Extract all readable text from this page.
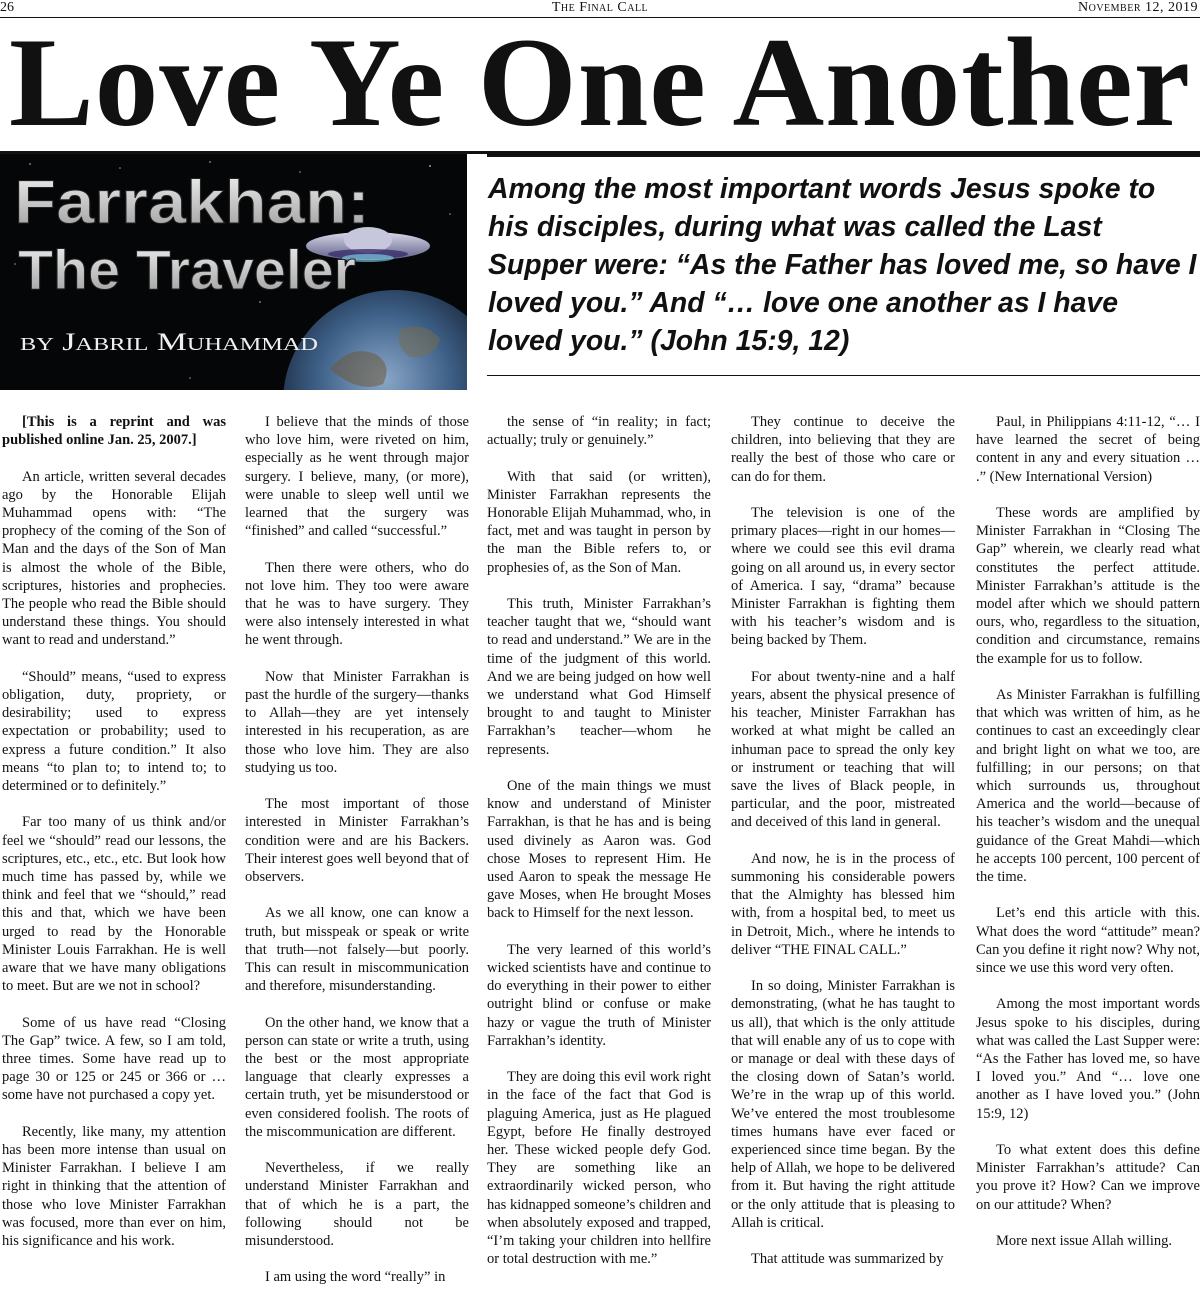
26	The Final Call	November 12, 2019
Love Ye One Another
Farrakhan:
The Traveler
by Jabril Muhammad
Among the most important words Jesus spoke to his disciples, during what was called the Last Supper were: “As the Father has loved me, so have I loved you.” And “… love one another as I have loved you.” (John 15:9, 12)

[This is a reprint and was published online Jan. 25, 2007.]

An article, written several decades ago by the Honorable Elijah Muhammad opens with: “The prophecy of the coming of the Son of Man and the days of the Son of Man is almost the whole of the Bible, scriptures, histories and prophecies. The people who read the Bible should understand these things. You should want to read and understand.”

“Should” means, “used to express obligation, duty, propriety, or desirability; used to express expectation or probability; used to express a future condition.” It also means “to plan to; to intend to; to determined or to definitely.”

Far too many of us think and/or feel we “should” read our lessons, the scriptures, etc., etc., etc. But look how much time has passed by, while we think and feel that we “should,” read this and that, which we have been urged to read by the Honorable Minister Louis Farrakhan. He is well aware that we have many obligations to meet. But are we not in school?

Some of us have read “Closing The Gap” twice. A few, so I am told, three times. Some have read up to page 30 or 125 or 245 or 366 or … some have not purchased a copy yet.

Recently, like many, my attention has been more intense than usual on Minister Farrakhan. I believe I am right in thinking that the attention of those who love Minister Farrakhan was focused, more than ever on him, his significance and his work.

I believe that the minds of those who love him, were riveted on him, especially as he went through major surgery. I believe, many, (or more), were unable to sleep well until we learned that the surgery was “finished” and called “successful.”

Then there were others, who do not love him. They too were aware that he was to have surgery. They were also intensely interested in what he went through.

Now that Minister Farrakhan is past the hurdle of the surgery—thanks to Allah—they are yet intensely interested in his recuperation, as are those who love him. They are also studying us too.

The most important of those interested in Minister Farrakhan’s condition were and are his Backers. Their interest goes well beyond that of observers.

As we all know, one can know a truth, but misspeak or speak or write that truth—not falsely—but poorly. This can result in miscommunication and therefore, misunderstanding.

On the other hand, we know that a person can state or write a truth, using the best or the most appropriate language that clearly expresses a certain truth, yet be misunderstood or even considered foolish. The roots of the miscommunication are different.

Nevertheless, if we really understand Minister Farrakhan and that of which he is a part, the following should not be misunderstood.

I am using the word “really” in

the sense of “in reality; in fact; actually; truly or genuinely.”

With that said (or written), Minister Farrakhan represents the Honorable Elijah Muhammad, who, in fact, met and was taught in person by the man the Bible refers to, or prophesies of, as the Son of Man.

This truth, Minister Farrakhan’s teacher taught that we, “should want to read and understand.” We are in the time of the judgment of this world. And we are being judged on how well we understand what God Himself brought to and taught to Minister Farrakhan’s teacher—whom he represents.

One of the main things we must know and understand of Minister Farrakhan, is that he has and is being used divinely as Aaron was. God chose Moses to represent Him. He used Aaron to speak the message He gave Moses, when He brought Moses back to Himself for the next lesson.

The very learned of this world’s wicked scientists have and continue to do everything in their power to either outright blind or confuse or make hazy or vague the truth of Minister Farrakhan’s identity.

They are doing this evil work right in the face of the fact that God is plaguing America, just as He plagued Egypt, before He finally destroyed her. These wicked people defy God. They are something like an extraordinarily wicked person, who has kidnapped someone’s children and when absolutely exposed and trapped, “I’m taking your children into hellfire or total destruction with me.”

They continue to deceive the children, into believing that they are really the best of those who care or can do for them.

The television is one of the primary places—right in our homes—where we could see this evil drama going on all around us, in every sector of America. I say, “drama” because Minister Farrakhan is fighting them with his teacher’s wisdom and is being backed by Them.

For about twenty-nine and a half years, absent the physical presence of his teacher, Minister Farrakhan has worked at what might be called an inhuman pace to spread the only key or instrument or teaching that will save the lives of Black people, in particular, and the poor, mistreated and deceived of this land in general.

And now, he is in the process of summoning his considerable powers that the Almighty has blessed him with, from a hospital bed, to meet us in Detroit, Mich., where he intends to deliver “THE FINAL CALL.”

In so doing, Minister Farrakhan is demonstrating, (what he has taught to us all), that which is the only attitude that will enable any of us to cope with or manage or deal with these days of the closing down of Satan’s world. We’re in the wrap up of this world. We’ve entered the most troublesome times humans have ever faced or experienced since time began. By the help of Allah, we hope to be delivered from it. But having the right attitude or the only attitude that is pleasing to Allah is critical.

That attitude was summarized by

Paul, in Philippians 4:11-12, “… I have learned the secret of being content in any and every situation … .” (New International Version)

These words are amplified by Minister Farrakhan in “Closing The Gap” wherein, we clearly read what constitutes the perfect attitude. Minister Farrakhan’s attitude is the model after which we should pattern ours, who, regardless to the situation, condition and circumstance, remains the example for us to follow.

As Minister Farrakhan is fulfilling that which was written of him, as he continues to cast an exceedingly clear and bright light on what we too, are fulfilling; in our persons; on that which surrounds us, throughout America and the world—because of his teacher’s wisdom and the unequal guidance of the Great Mahdi—which he accepts 100 percent, 100 percent of the time.

Let’s end this article with this. What does the word “attitude” mean? Can you define it right now? Why not, since we use this word very often.

Among the most important words Jesus spoke to his disciples, during what was called the Last Supper were: “As the Father has loved me, so have I loved you.” And “… love one another as I have loved you.” (John 15:9, 12)

To what extent does this define Minister Farrakhan’s attitude? Can you prove it? How? Can we improve on our attitude? When?

More next issue Allah willing.
